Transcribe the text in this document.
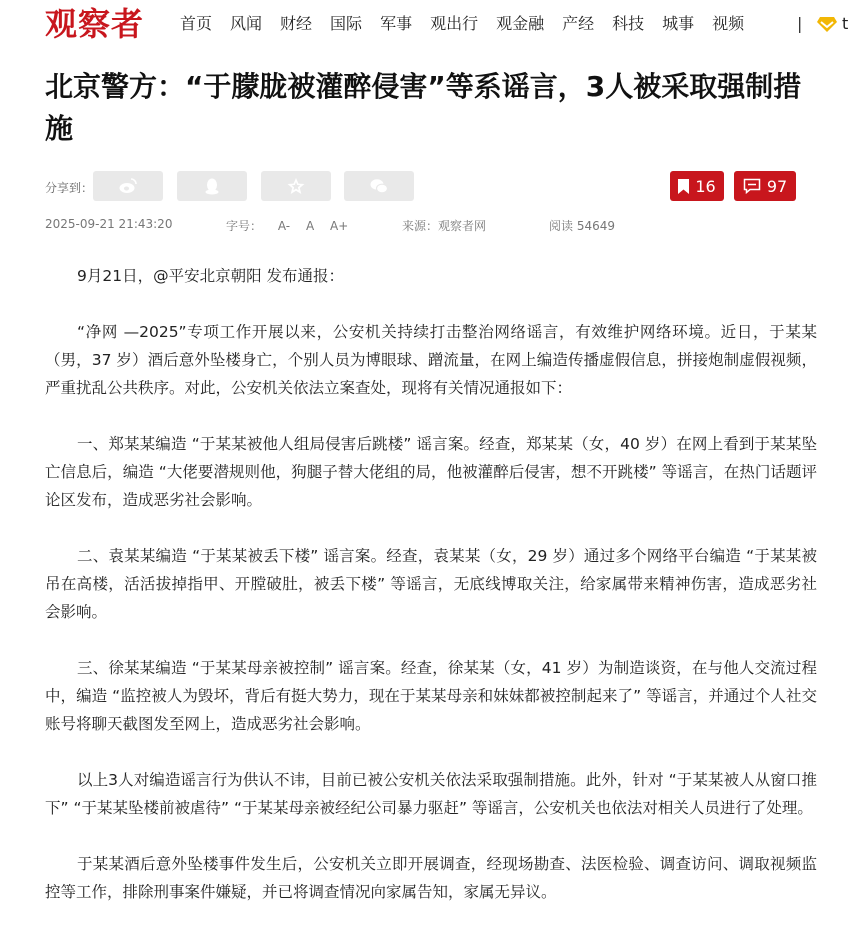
观察者 首页 风闻 财经 国际 军事 观出行 观金融 产经 科技 城事 视频	| t
北京警方：“于朦胧被灌醉侵害”等系谣言，3人被采取强制措施
分享到：	16	97
2025-09-21 21:43:20	字号： A- A A+	来源：观察者网	阅读 54649

9月21日，@平安北京朝阳 发布通报：

“净网 —2025”专项工作开展以来，公安机关持续打击整治网络谣言，有效维护网络环境。近日，于某某（男，37 岁）酒后意外坠楼身亡，个别人员为博眼球、蹭流量，在网上编造传播虚假信息，拼接炮制虚假视频，严重扰乱公共秩序。对此，公安机关依法立案查处，现将有关情况通报如下：

一、郑某某编造 “于某某被他人组局侵害后跳楼” 谣言案。经查，郑某某（女，40 岁）在网上看到于某某坠亡信息后，编造 “大佬要潜规则他，狗腿子替大佬组的局，他被灌醉后侵害，想不开跳楼” 等谣言，在热门话题评论区发布，造成恶劣社会影响。

二、袁某某编造 “于某某被丢下楼” 谣言案。经查，袁某某（女，29 岁）通过多个网络平台编造 “于某某被吊在高楼，活活拔掉指甲、开膛破肚，被丢下楼” 等谣言，无底线博取关注，给家属带来精神伤害，造成恶劣社会影响。

三、徐某某编造 “于某某母亲被控制” 谣言案。经查，徐某某（女，41 岁）为制造谈资，在与他人交流过程中，编造 “监控被人为毁坏，背后有挺大势力，现在于某某母亲和妹妹都被控制起来了” 等谣言，并通过个人社交账号将聊天截图发至网上，造成恶劣社会影响。

以上3人对编造谣言行为供认不讳，目前已被公安机关依法采取强制措施。此外，针对 “于某某被人从窗口推下” “于某某坠楼前被虐待” “于某某母亲被经纪公司暴力驱赶” 等谣言，公安机关也依法对相关人员进行了处理。

于某某酒后意外坠楼事件发生后，公安机关立即开展调查，经现场勘查、法医检验、调查访问、调取视频监控等工作，排除刑事案件嫌疑，并已将调查情况向家属告知，家属无异议。
